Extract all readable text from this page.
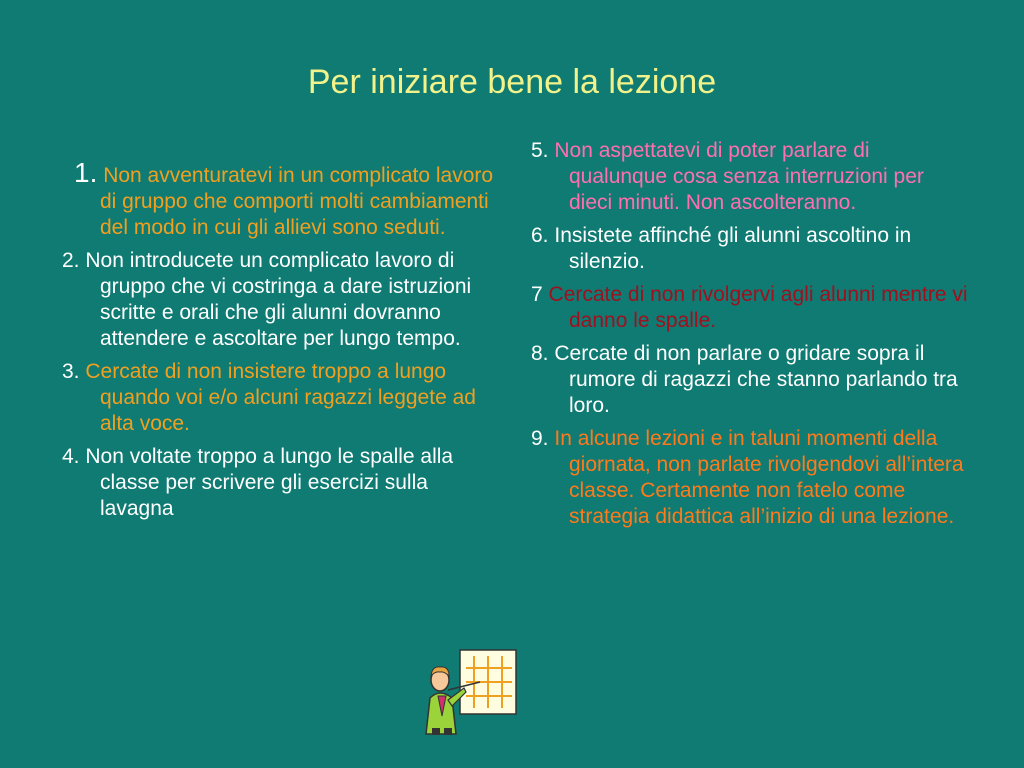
Per iniziare bene la lezione
1. Non avventuratevi in un complicato lavoro di gruppo che comporti molti cambiamenti del modo in cui gli allievi sono seduti.
2. Non introducete un complicato lavoro di gruppo che vi costringa a dare istruzioni scritte e orali che gli alunni dovranno attendere e ascoltare per lungo tempo.
3. Cercate di non insistere troppo a lungo quando voi e/o alcuni ragazzi leggete ad alta voce.
4. Non voltate troppo a lungo le spalle alla classe per scrivere gli esercizi sulla lavagna
5. Non aspettatevi di poter parlare di qualunque cosa senza interruzioni per dieci minuti. Non ascolteranno.
6. Insistete affinché gli alunni ascoltino in silenzio.
7 Cercate di non rivolgervi agli alunni mentre vi danno le spalle.
8. Cercate di non parlare o gridare sopra il rumore di ragazzi che stanno parlando tra loro.
9. In alcune lezioni e in taluni momenti della giornata, non parlate rivolgendovi all’intera classe. Certamente non fatelo come strategia didattica all’inizio di una lezione.
